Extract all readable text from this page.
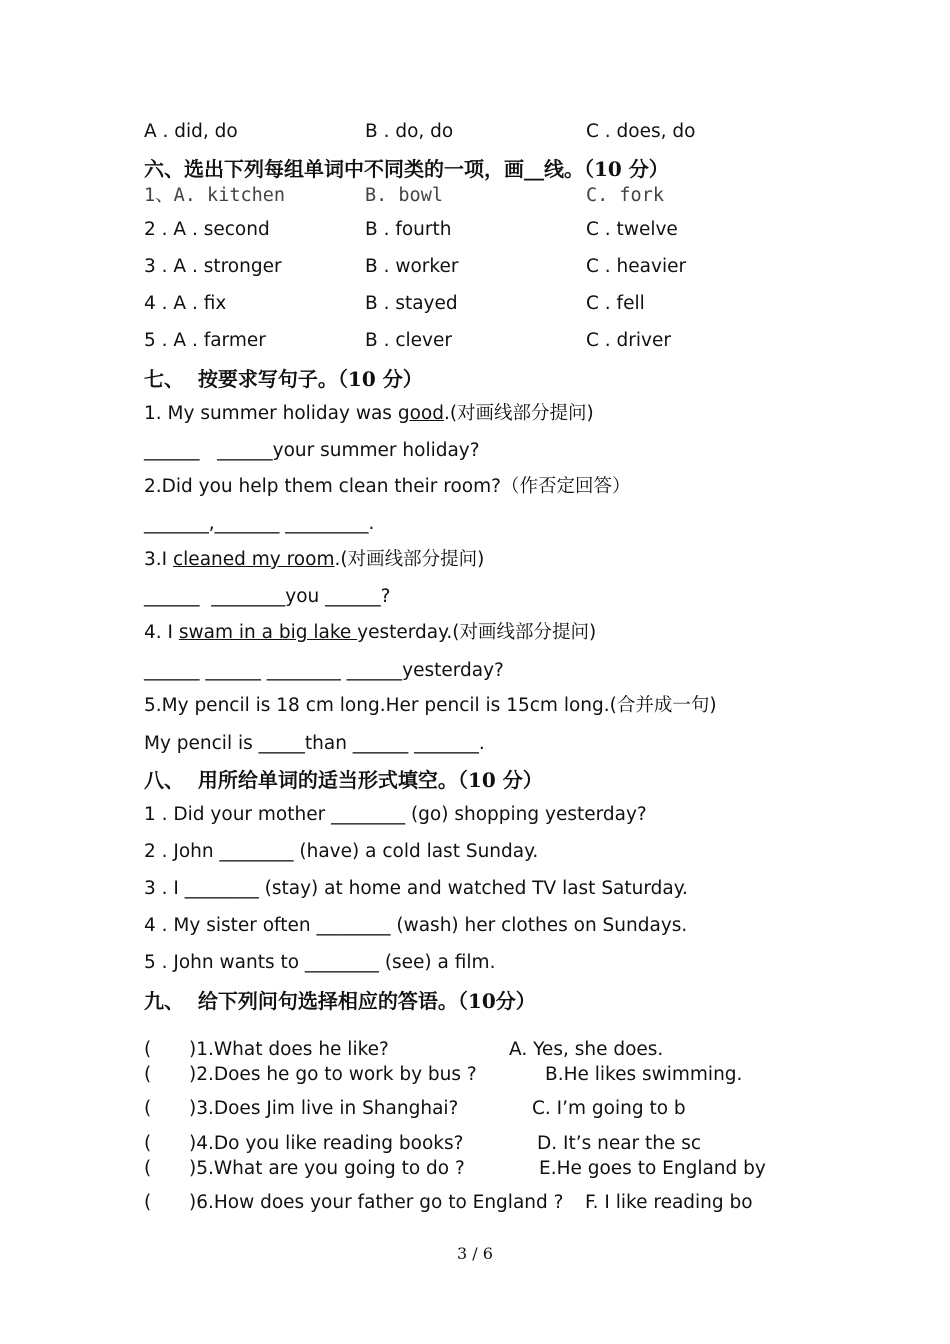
A . did, do	B . do, do	C . does, do
六、选出下列每组单词中不同类的一项，画__线。（10 分）
1、A. kitchen	B. bowl	C. fork
2 . A . second	B . fourth	C . twelve
3 . A . stronger	B . worker	C . heavier
4 . A . fix	B . stayed	C . fell
5 . A . farmer	B . clever	C . driver
七、  按要求写句子。（10 分）
1. My summer holiday was good.(对画线部分提问)
______   ______your summer holiday?
2.Did you help them clean their room?（作否定回答）
_______,_______ _________.
3.I cleaned my room.(对画线部分提问)
______  ________you ______?
4. I swam in a big lake yesterday.(对画线部分提问)
______ ______ ________ ______yesterday?
5.My pencil is 18 cm long.Her pencil is 15cm long.(合并成一句)
My pencil is _____than ______ _______.
八、  用所给单词的适当形式填空。（10 分）
1 . Did your mother ________ (go) shopping yesterday?
2 . John ________ (have) a cold last Sunday.
3 . I ________ (stay) at home and watched TV last Saturday.
4 . My sister often ________ (wash) her clothes on Sundays.
5 . John wants to ________ (see) a film.
九、  给下列问句选择相应的答语。（10分）
( )1.What does he like?	A. Yes, she does.
( )2.Does he go to work by bus ?	B.He likes swimming.
( )3.Does Jim live in Shanghai?	C. I’m going to b
( )4.Do you like reading books?	D. It’s near the sc
( )5.What are you going to do ?	E.He goes to England by
( )6.How does your father go to England ? F. I like reading bo
3 / 6
